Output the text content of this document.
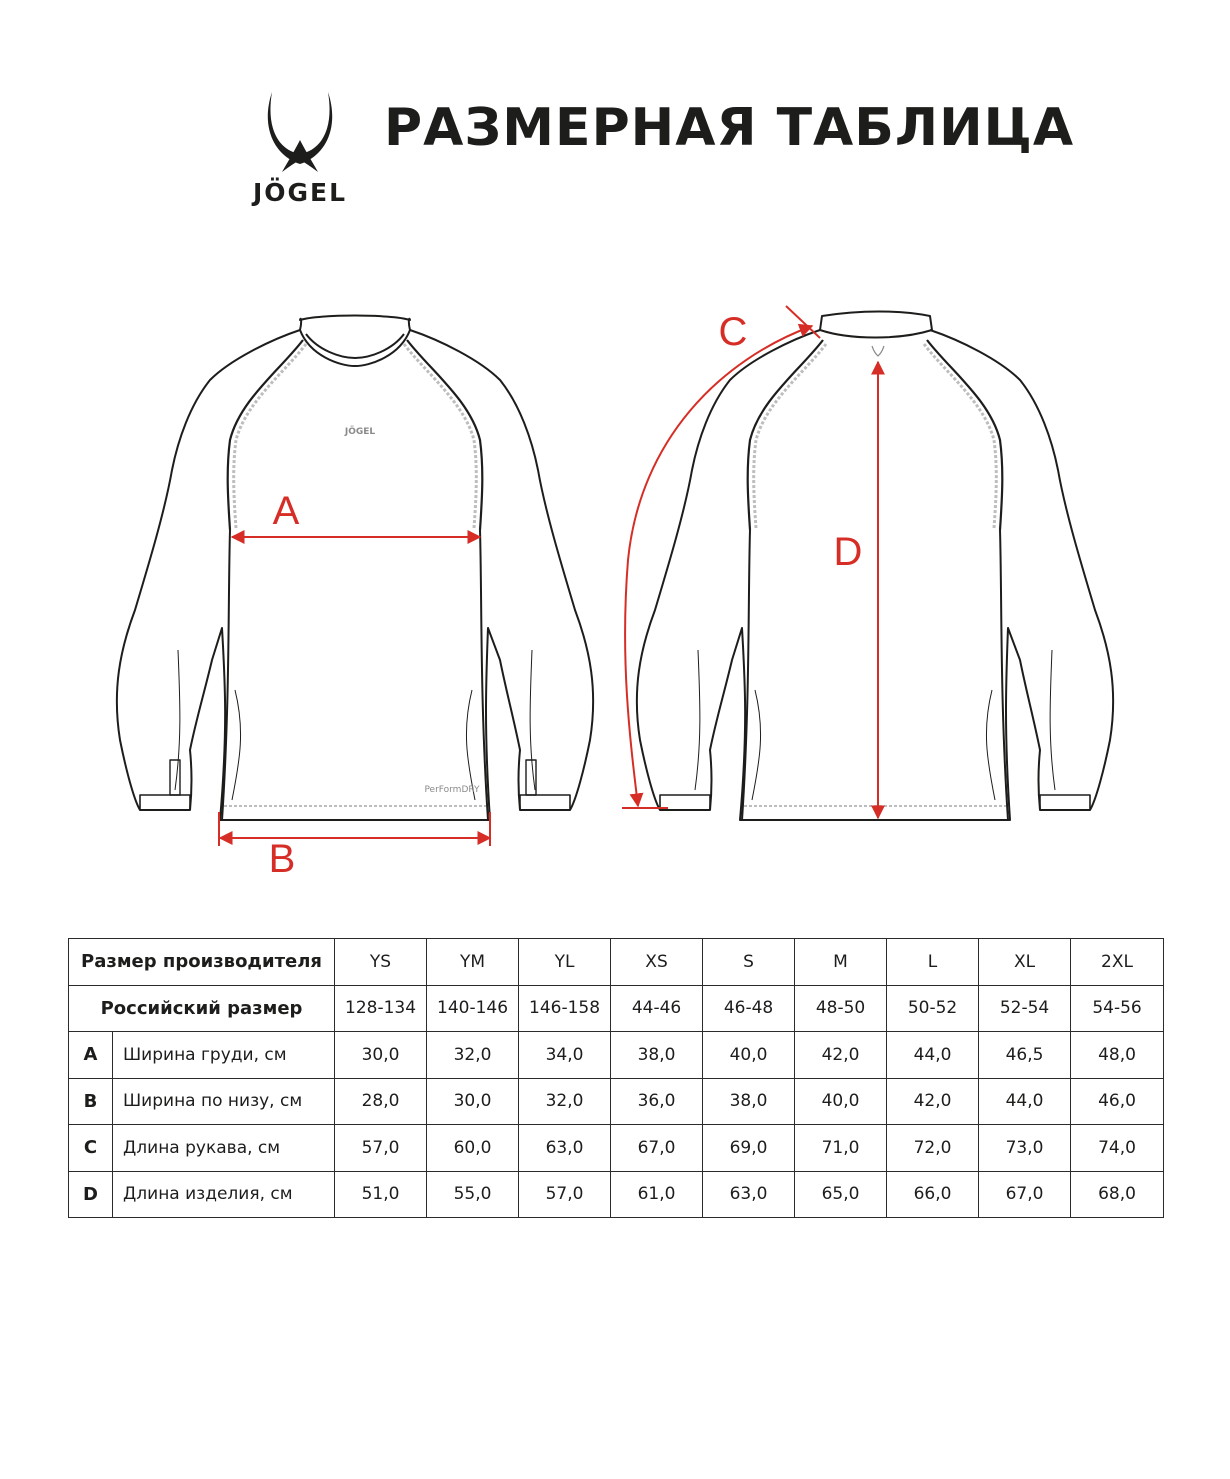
JÖGEL
РАЗМЕРНАЯ ТАБЛИЦА
JÖGEL
PerFormDRY
A
B
C
D
Размер производителя		YS	YM	YL	XS	S	M	L	XL	2XL
Российский размер		128-134	140-146	146-158	44-46	46-48	48-50	50-52	52-54	54-56
A	Ширина груди, см	30,0	32,0	34,0	38,0	40,0	42,0	44,0	46,5	48,0
B	Ширина по низу, см	28,0	30,0	32,0	36,0	38,0	40,0	42,0	44,0	46,0
C	Длина рукава, см	57,0	60,0	63,0	67,0	69,0	71,0	72,0	73,0	74,0
D	Длина изделия, см	51,0	55,0	57,0	61,0	63,0	65,0	66,0	67,0	68,0
